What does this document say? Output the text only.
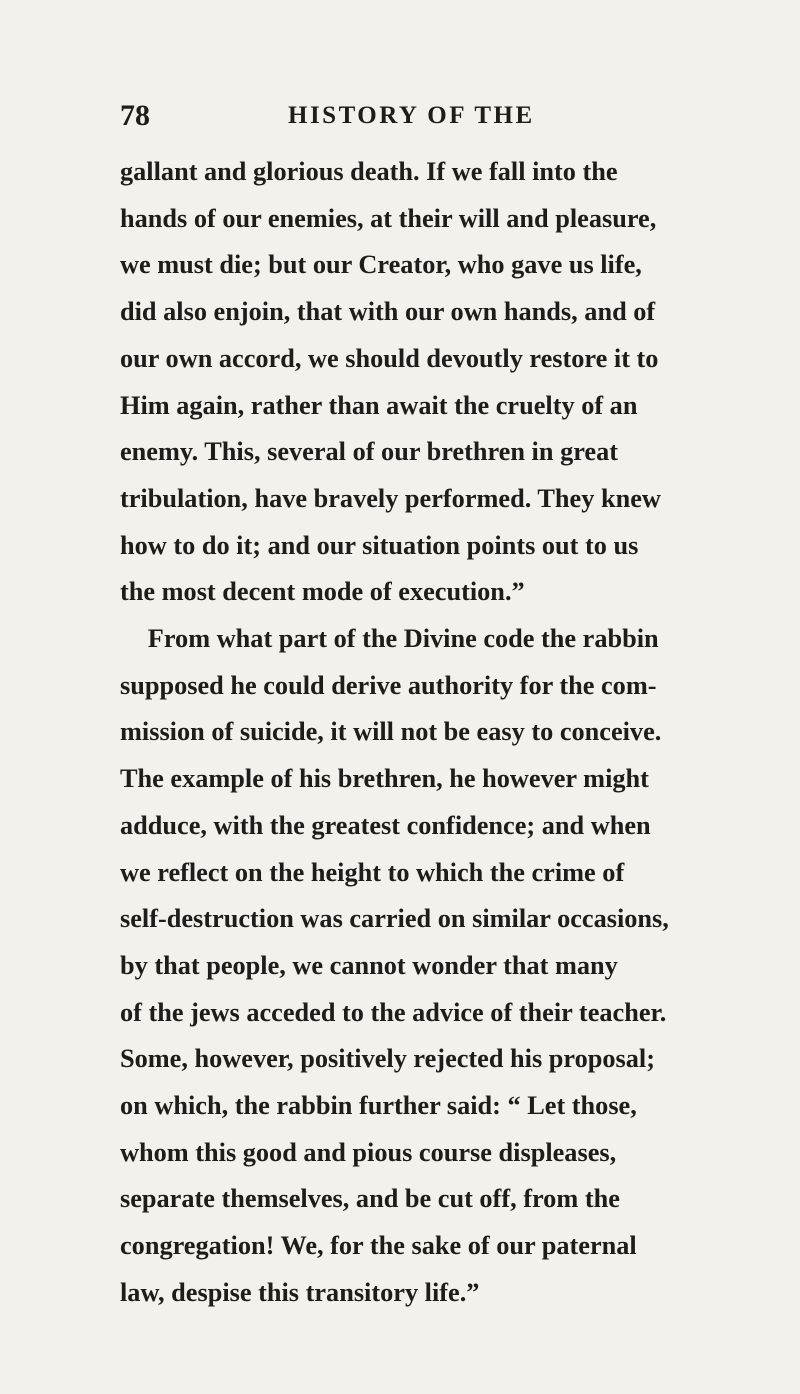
78	HISTORY OF THE
gallant and glorious death. If we fall into the
hands of our enemies, at their will and pleasure,
we must die; but our Creator, who gave us life,
did also enjoin, that with our own hands, and of
our own accord, we should devoutly restore it to
Him again, rather than await the cruelty of an
enemy. This, several of our brethren in great
tribulation, have bravely performed. They knew
how to do it; and our situation points out to us
the most decent mode of execution.”
From what part of the Divine code the rabbin
supposed he could derive authority for the com-
mission of suicide, it will not be easy to conceive.
The example of his brethren, he however might
adduce, with the greatest confidence; and when
we reflect on the height to which the crime of
self-destruction was carried on similar occasions,
by that people, we cannot wonder that many
of the jews acceded to the advice of their teacher.
Some, however, positively rejected his proposal;
on which, the rabbin further said: “ Let those,
whom this good and pious course displeases,
separate themselves, and be cut off, from the
congregation! We, for the sake of our paternal
law, despise this transitory life.”
